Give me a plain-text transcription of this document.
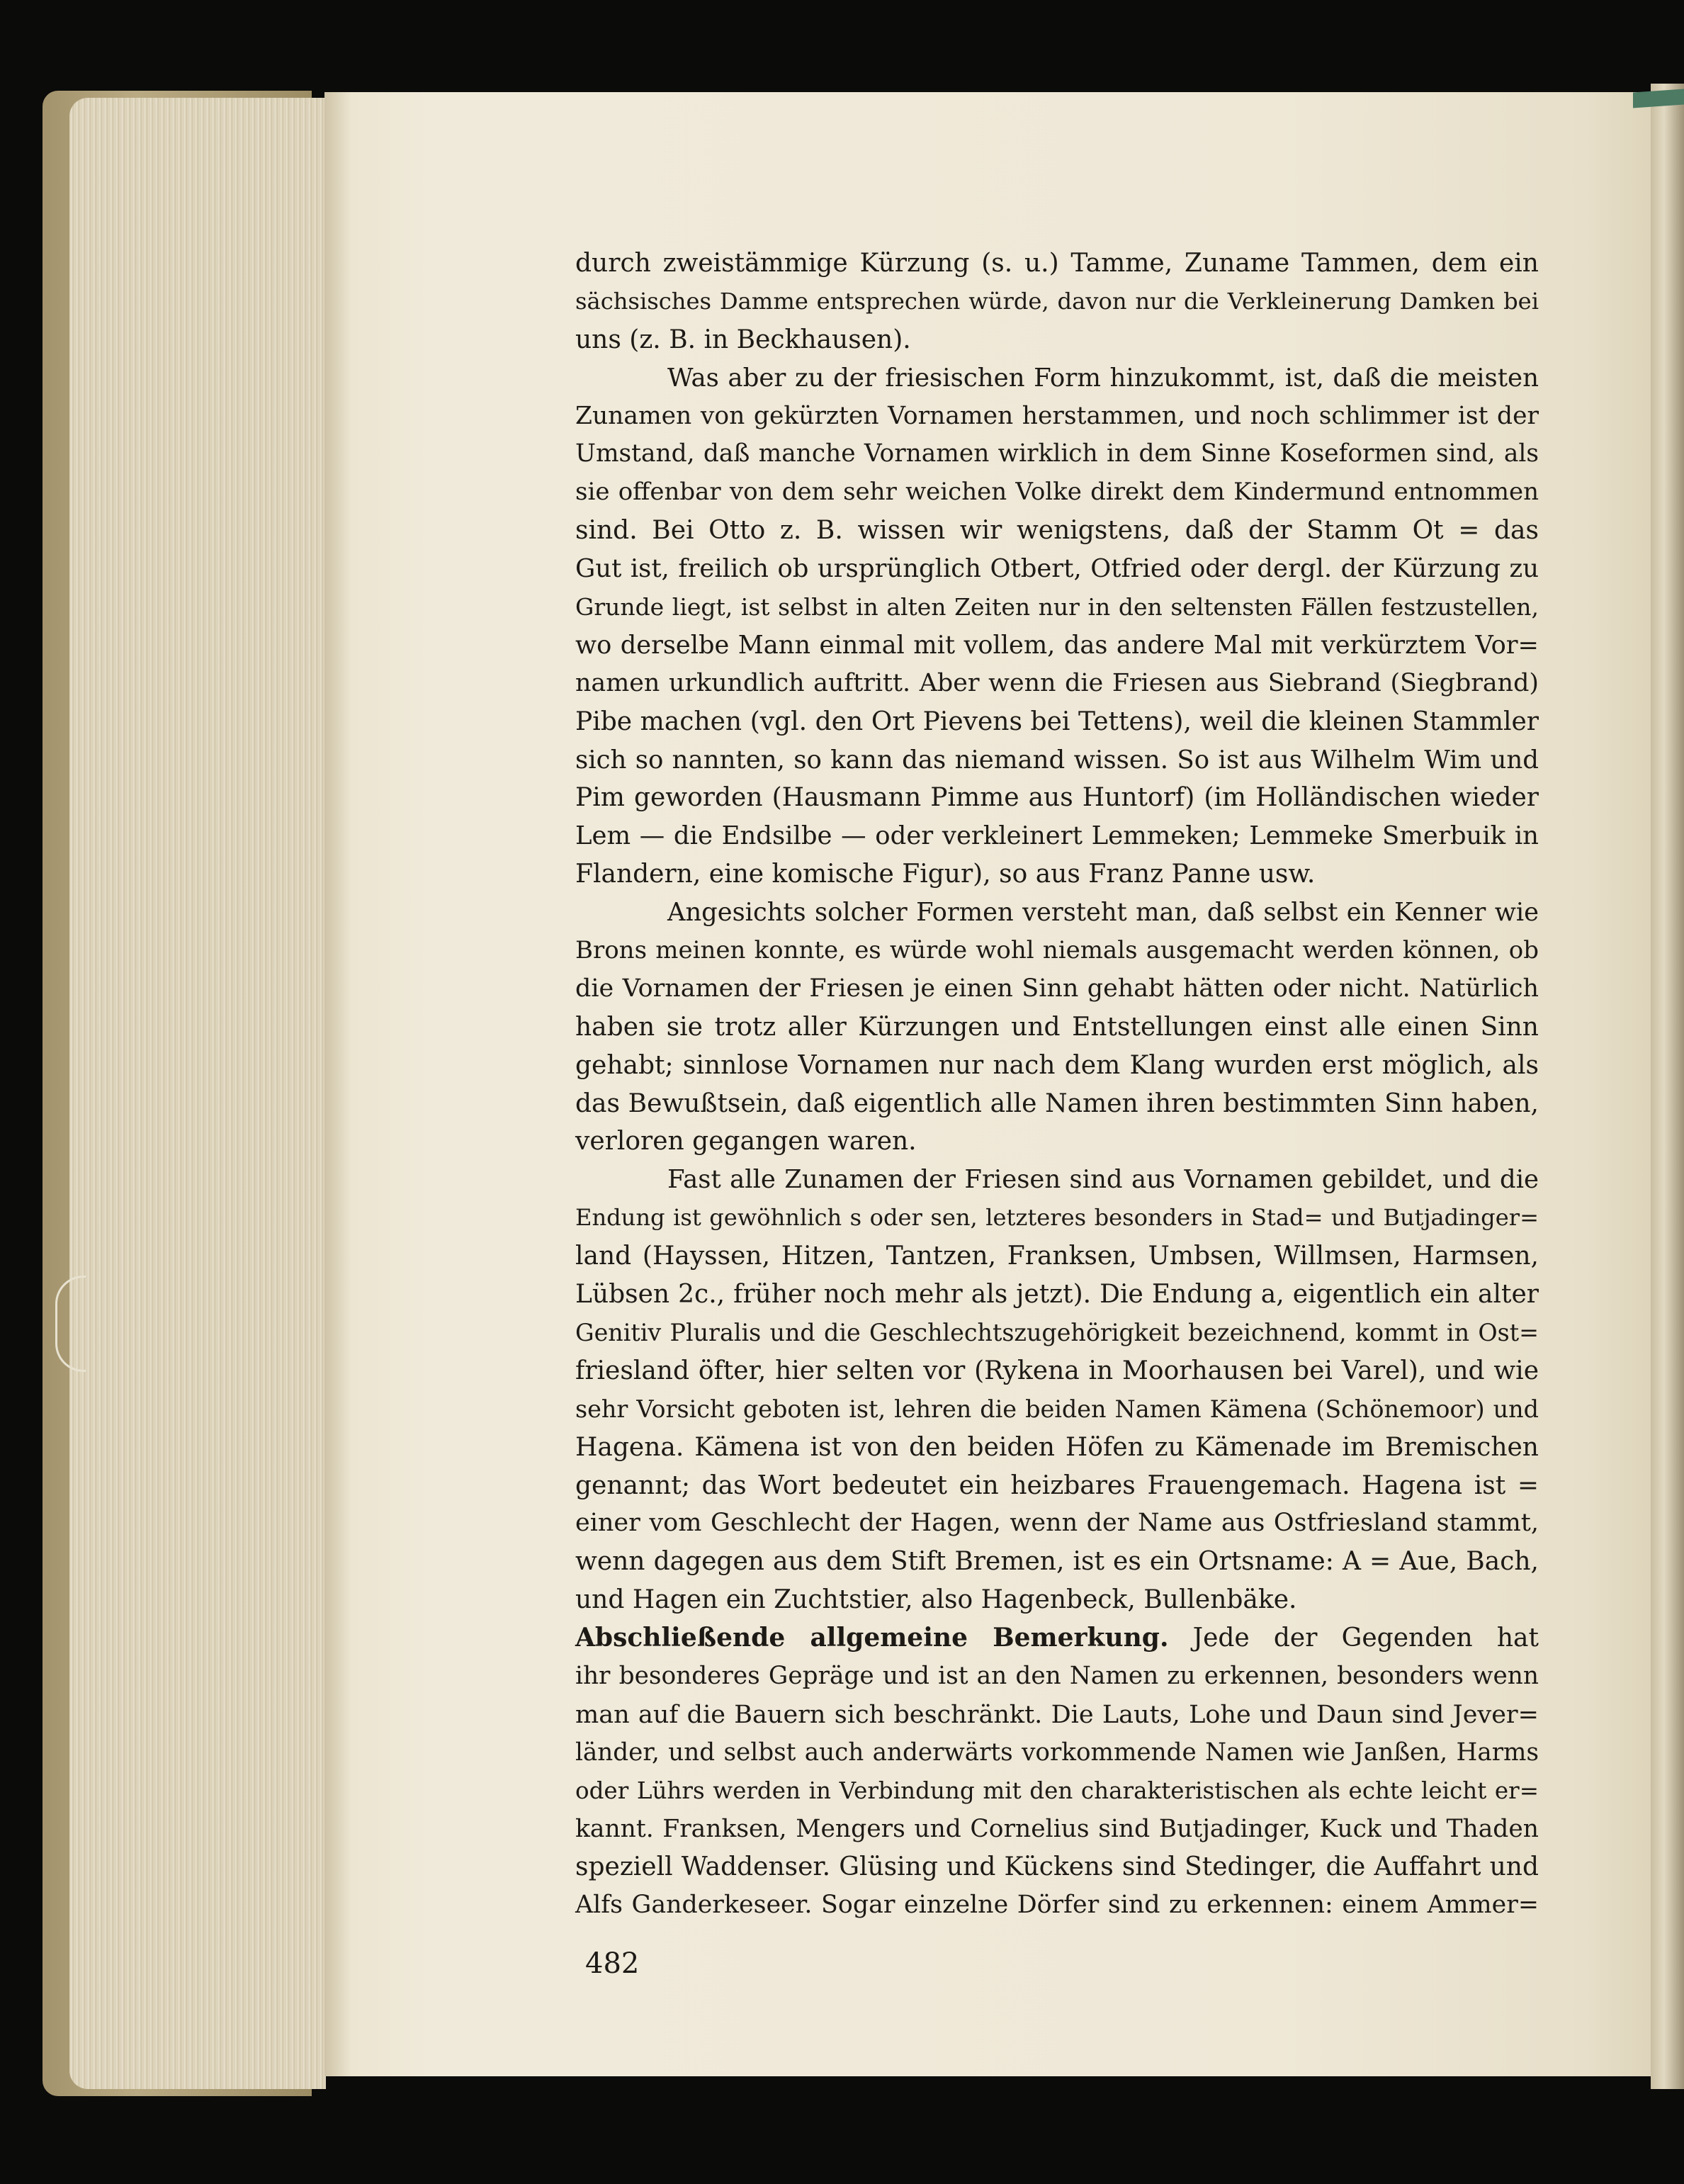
durch zweistämmige Kürzung (s. u.) Tamme, Zuname Tammen, dem ein
sächsisches Damme entsprechen würde, davon nur die Verkleinerung Damken bei
uns (z. B. in Beckhausen).
Was aber zu der friesischen Form hinzukommt, ist, daß die meisten
Zunamen von gekürzten Vornamen herstammen, und noch schlimmer ist der
Umstand, daß manche Vornamen wirklich in dem Sinne Koseformen sind, als
sie offenbar von dem sehr weichen Volke direkt dem Kindermund entnommen
sind. Bei Otto z. B. wissen wir wenigstens, daß der Stamm Ot = das
Gut ist, freilich ob ursprünglich Otbert, Otfried oder dergl. der Kürzung zu
Grunde liegt, ist selbst in alten Zeiten nur in den seltensten Fällen festzustellen,
wo derselbe Mann einmal mit vollem, das andere Mal mit verkürztem Vor=
namen urkundlich auftritt. Aber wenn die Friesen aus Siebrand (Siegbrand)
Pibe machen (vgl. den Ort Pievens bei Tettens), weil die kleinen Stammler
sich so nannten, so kann das niemand wissen. So ist aus Wilhelm Wim und
Pim geworden (Hausmann Pimme aus Huntorf) (im Holländischen wieder
Lem — die Endsilbe — oder verkleinert Lemmeken; Lemmeke Smerbuik in
Flandern, eine komische Figur), so aus Franz Panne usw.
Angesichts solcher Formen versteht man, daß selbst ein Kenner wie
Brons meinen konnte, es würde wohl niemals ausgemacht werden können, ob
die Vornamen der Friesen je einen Sinn gehabt hätten oder nicht. Natürlich
haben sie trotz aller Kürzungen und Entstellungen einst alle einen Sinn
gehabt; sinnlose Vornamen nur nach dem Klang wurden erst möglich, als
das Bewußtsein, daß eigentlich alle Namen ihren bestimmten Sinn haben,
verloren gegangen waren.
Fast alle Zunamen der Friesen sind aus Vornamen gebildet, und die
Endung ist gewöhnlich s oder sen, letzteres besonders in Stad= und Butjadinger=
land (Hayssen, Hitzen, Tantzen, Franksen, Umbsen, Willmsen, Harmsen,
Lübsen 2c., früher noch mehr als jetzt). Die Endung a, eigentlich ein alter
Genitiv Pluralis und die Geschlechtszugehörigkeit bezeichnend, kommt in Ost=
friesland öfter, hier selten vor (Rykena in Moorhausen bei Varel), und wie
sehr Vorsicht geboten ist, lehren die beiden Namen Kämena (Schönemoor) und
Hagena. Kämena ist von den beiden Höfen zu Kämenade im Bremischen
genannt; das Wort bedeutet ein heizbares Frauengemach. Hagena ist =
einer vom Geschlecht der Hagen, wenn der Name aus Ostfriesland stammt,
wenn dagegen aus dem Stift Bremen, ist es ein Ortsname: A = Aue, Bach,
und Hagen ein Zuchtstier, also Hagenbeck, Bullenbäke.
Abschließende allgemeine Bemerkung. Jede der Gegenden hat
ihr besonderes Gepräge und ist an den Namen zu erkennen, besonders wenn
man auf die Bauern sich beschränkt. Die Lauts, Lohe und Daun sind Jever=
länder, und selbst auch anderwärts vorkommende Namen wie Janßen, Harms
oder Lührs werden in Verbindung mit den charakteristischen als echte leicht er=
kannt. Franksen, Mengers und Cornelius sind Butjadinger, Kuck und Thaden
speziell Waddenser. Glüsing und Kückens sind Stedinger, die Auffahrt und
Alfs Ganderkeseer. Sogar einzelne Dörfer sind zu erkennen: einem Ammer=
482
